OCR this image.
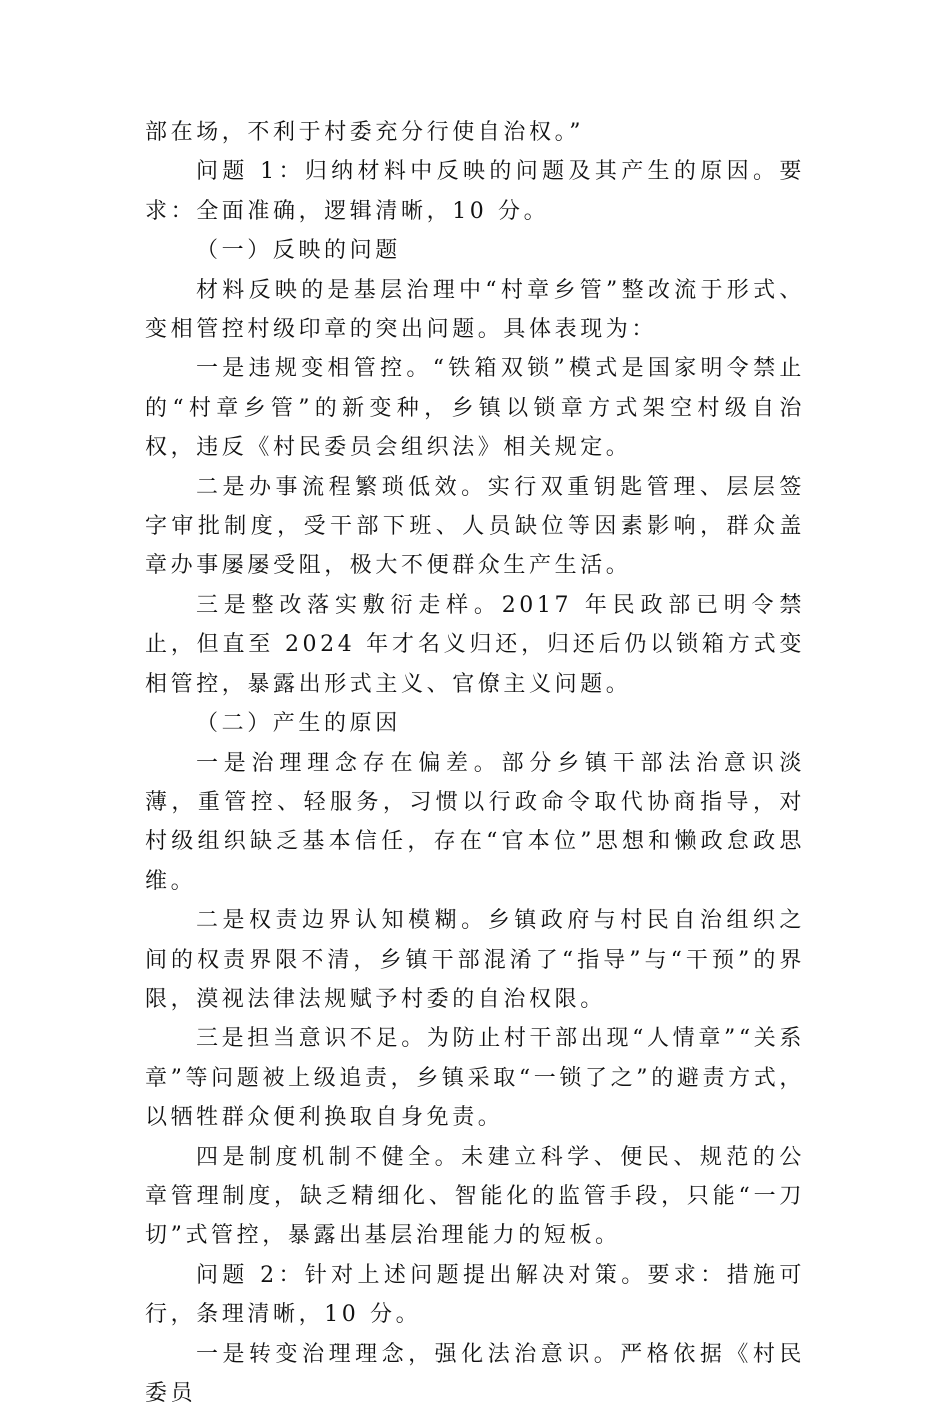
部在场，不利于村委充分行使自治权。”

问题 1：归纳材料中反映的问题及其产生的原因。要求：全面准确，逻辑清晰，10 分。

（一）反映的问题

材料反映的是基层治理中“村章乡管”整改流于形式、变相管控村级印章的突出问题。具体表现为：

一是违规变相管控。“铁箱双锁”模式是国家明令禁止的“村章乡管”的新变种，乡镇以锁章方式架空村级自治权，违反《村民委员会组织法》相关规定。

二是办事流程繁琐低效。实行双重钥匙管理、层层签字审批制度，受干部下班、人员缺位等因素影响，群众盖章办事屡屡受阻，极大不便群众生产生活。

三是整改落实敷衍走样。2017 年民政部已明令禁止，但直至 2024 年才名义归还，归还后仍以锁箱方式变相管控，暴露出形式主义、官僚主义问题。

（二）产生的原因

一是治理理念存在偏差。部分乡镇干部法治意识淡薄，重管控、轻服务，习惯以行政命令取代协商指导，对村级组织缺乏基本信任，存在“官本位”思想和懒政怠政思维。

二是权责边界认知模糊。乡镇政府与村民自治组织之间的权责界限不清，乡镇干部混淆了“指导”与“干预”的界限，漠视法律法规赋予村委的自治权限。

三是担当意识不足。为防止村干部出现“人情章”“关系章”等问题被上级追责，乡镇采取“一锁了之”的避责方式，以牺牲群众便利换取自身免责。

四是制度机制不健全。未建立科学、便民、规范的公章管理制度，缺乏精细化、智能化的监管手段，只能“一刀切”式管控，暴露出基层治理能力的短板。

问题 2：针对上述问题提出解决对策。要求：措施可行，条理清晰，10 分。

一是转变治理理念，强化法治意识。严格依据《村民委员
